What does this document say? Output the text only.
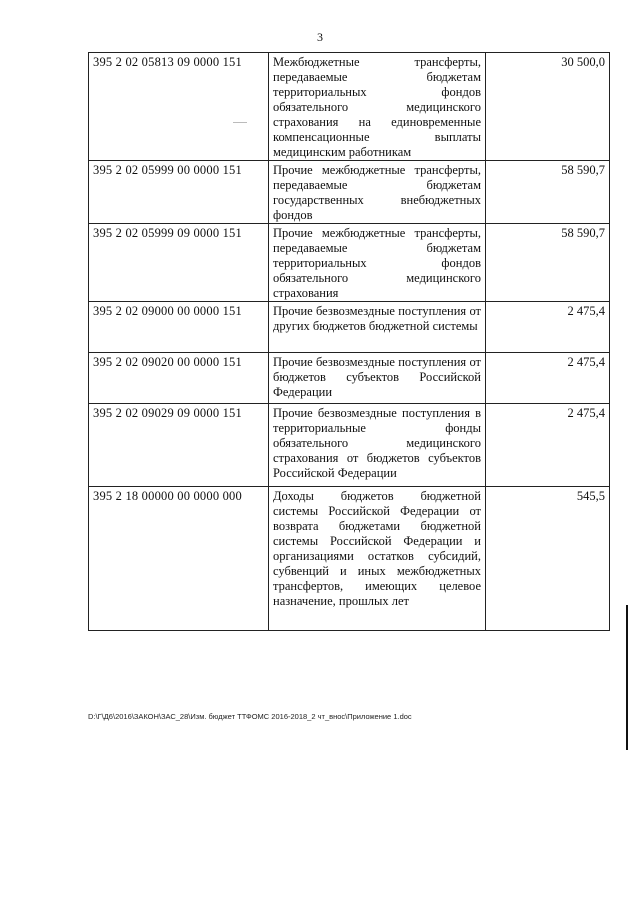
3
395 2 02 05813 09 0000 151	Межбюджетные трансферты, передаваемые бюджетам территориальных фондов обязательного медицинского страхования на единовременные компенсационные выплаты медицинским работникам	30 500,0
395 2 02 05999 00 0000 151	Прочие межбюджетные трансферты, передаваемые бюджетам государственных внебюджетных фондов	58 590,7
395 2 02 05999 09 0000 151	Прочие межбюджетные трансферты, передаваемые бюджетам территориальных фондов обязательного медицинского страхования	58 590,7
395 2 02 09000 00 0000 151	Прочие безвозмездные поступления от других бюджетов бюджетной системы	2 475,4
395 2 02 09020 00 0000 151	Прочие безвозмездные поступления от бюджетов субъектов Российской Федерации	2 475,4
395 2 02 09029 09 0000 151	Прочие безвозмездные поступления в территориальные фонды обязательного медицинского страхования от бюджетов субъектов Российской Федерации	2 475,4
395 2 18 00000 00 0000 000	Доходы бюджетов бюджетной системы Российской Федерации от возврата бюджетами бюджетной системы Российской Федерации и организациями остатков субсидий, субвенций и иных межбюджетных трансфертов, имеющих целевое назначение, прошлых лет	545,5
D:\Г\Д6\2016\ЗАКОН\ЗАС_28\Изм. бюджет ТТФОМС 2016-2018_2 чт_вноc\Приложение 1.doc
